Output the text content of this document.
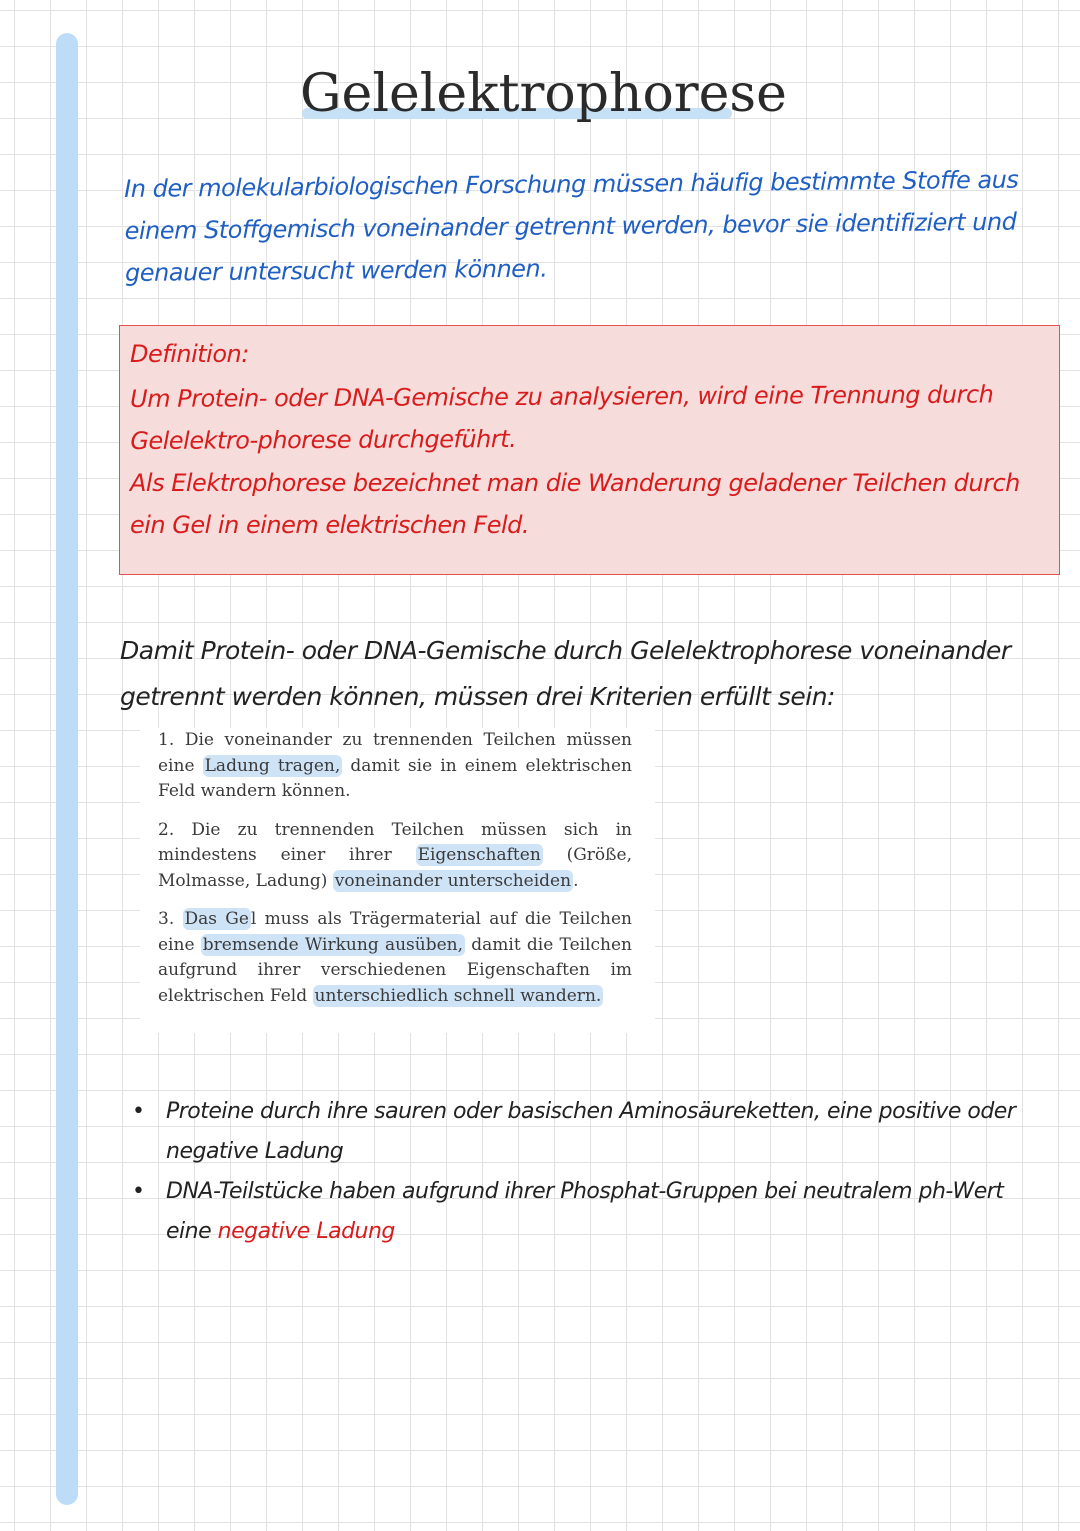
Gelelektrophorese
In der molekularbiologischen Forschung müssen häufig bestimmte Stoffe aus einem Stoffgemisch voneinander getrennt werden, bevor sie identifiziert und genauer untersucht werden können.
Definition:
Um Protein- oder DNA-Gemische zu analysieren, wird eine Trennung durch Gelelektro-phorese durchgeführt.
Als Elektrophorese bezeichnet man die Wanderung geladener Teilchen durch ein Gel in einem elektrischen Feld.
Damit Protein- oder DNA-Gemische durch Gelelektrophorese voneinander getrennt werden können, müssen drei Kriterien erfüllt sein:

1. Die voneinander zu trennenden Teilchen müssen eine Ladung tragen, damit sie in einem elektrischen Feld wandern können.

2. Die zu trennenden Teilchen müssen sich in mindestens einer ihrer Eigenschaften (Größe, Molmasse, Ladung) voneinander unterscheiden .

3. Das Ge l muss als Trägermaterial auf die Teilchen eine bremsende Wirkung ausüben, damit die Teilchen aufgrund ihrer verschiedenen Eigenschaften im elektrischen Feld unterschiedlich schnell wandern.

• Proteine durch ihre sauren oder basischen Aminosäureketten, eine positive oder negative Ladung
• DNA-Teilstücke haben aufgrund ihrer Phosphat-Gruppen bei neutralem ph-Wert eine negative Ladung
